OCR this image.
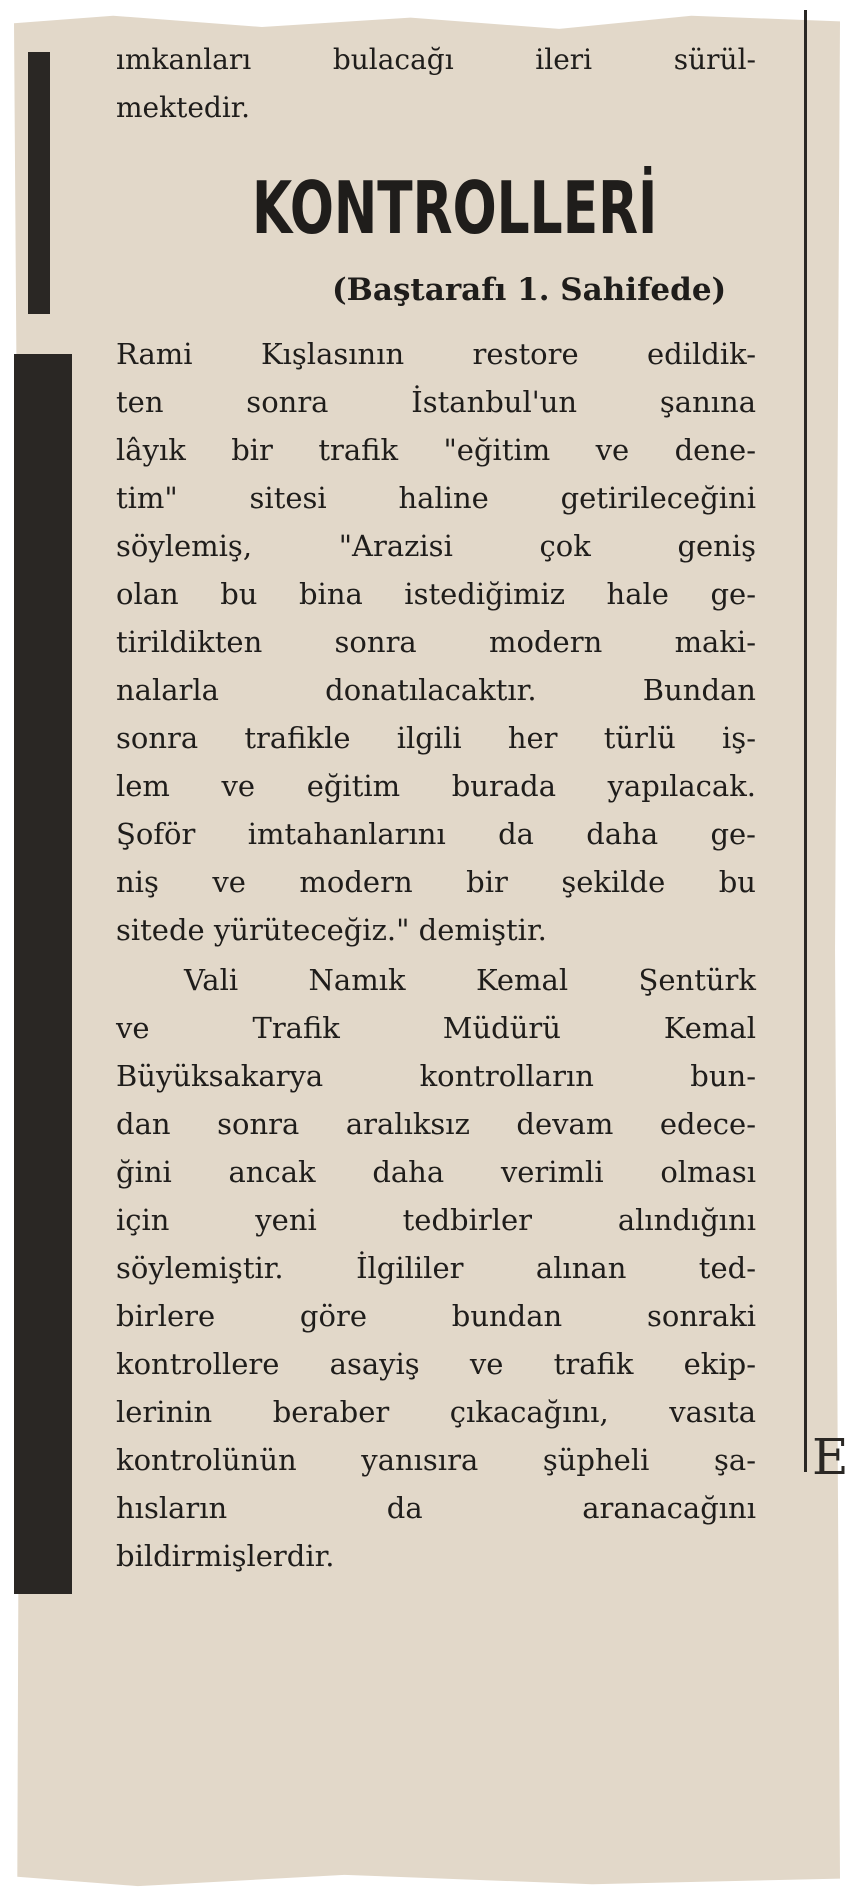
E
ımkanları bulacağı ileri sürül-
mektedir.
KONTROLLERİ
(Baştarafı 1. Sahifede)
Rami Kışlasının restore edildik-
ten sonra İstanbul'un şanına
lâyık bir trafik "eğitim ve dene-
tim" sitesi haline getirileceğini
söylemiş, "Arazisi çok geniş
olan bu bina istediğimiz hale ge-
tirildikten sonra modern maki-
nalarla donatılacaktır. Bundan
sonra trafikle ilgili her türlü iş-
lem ve eğitim burada yapılacak.
Şoför imtahanlarını da daha ge-
niş ve modern bir şekilde bu
sitede yürüteceğiz." demiştir.
Vali Namık Kemal Şentürk
ve Trafik Müdürü Kemal
Büyüksakarya kontrolların bun-
dan sonra aralıksız devam edece-
ğini ancak daha verimli olması
için yeni tedbirler alındığını
söylemiştir. İlgililer alınan ted-
birlere göre bundan sonraki
kontrollere asayiş ve trafik ekip-
lerinin beraber çıkacağını, vasıta
kontrolünün yanısıra şüpheli şa-
hısların da aranacağını
bildirmişlerdir.
